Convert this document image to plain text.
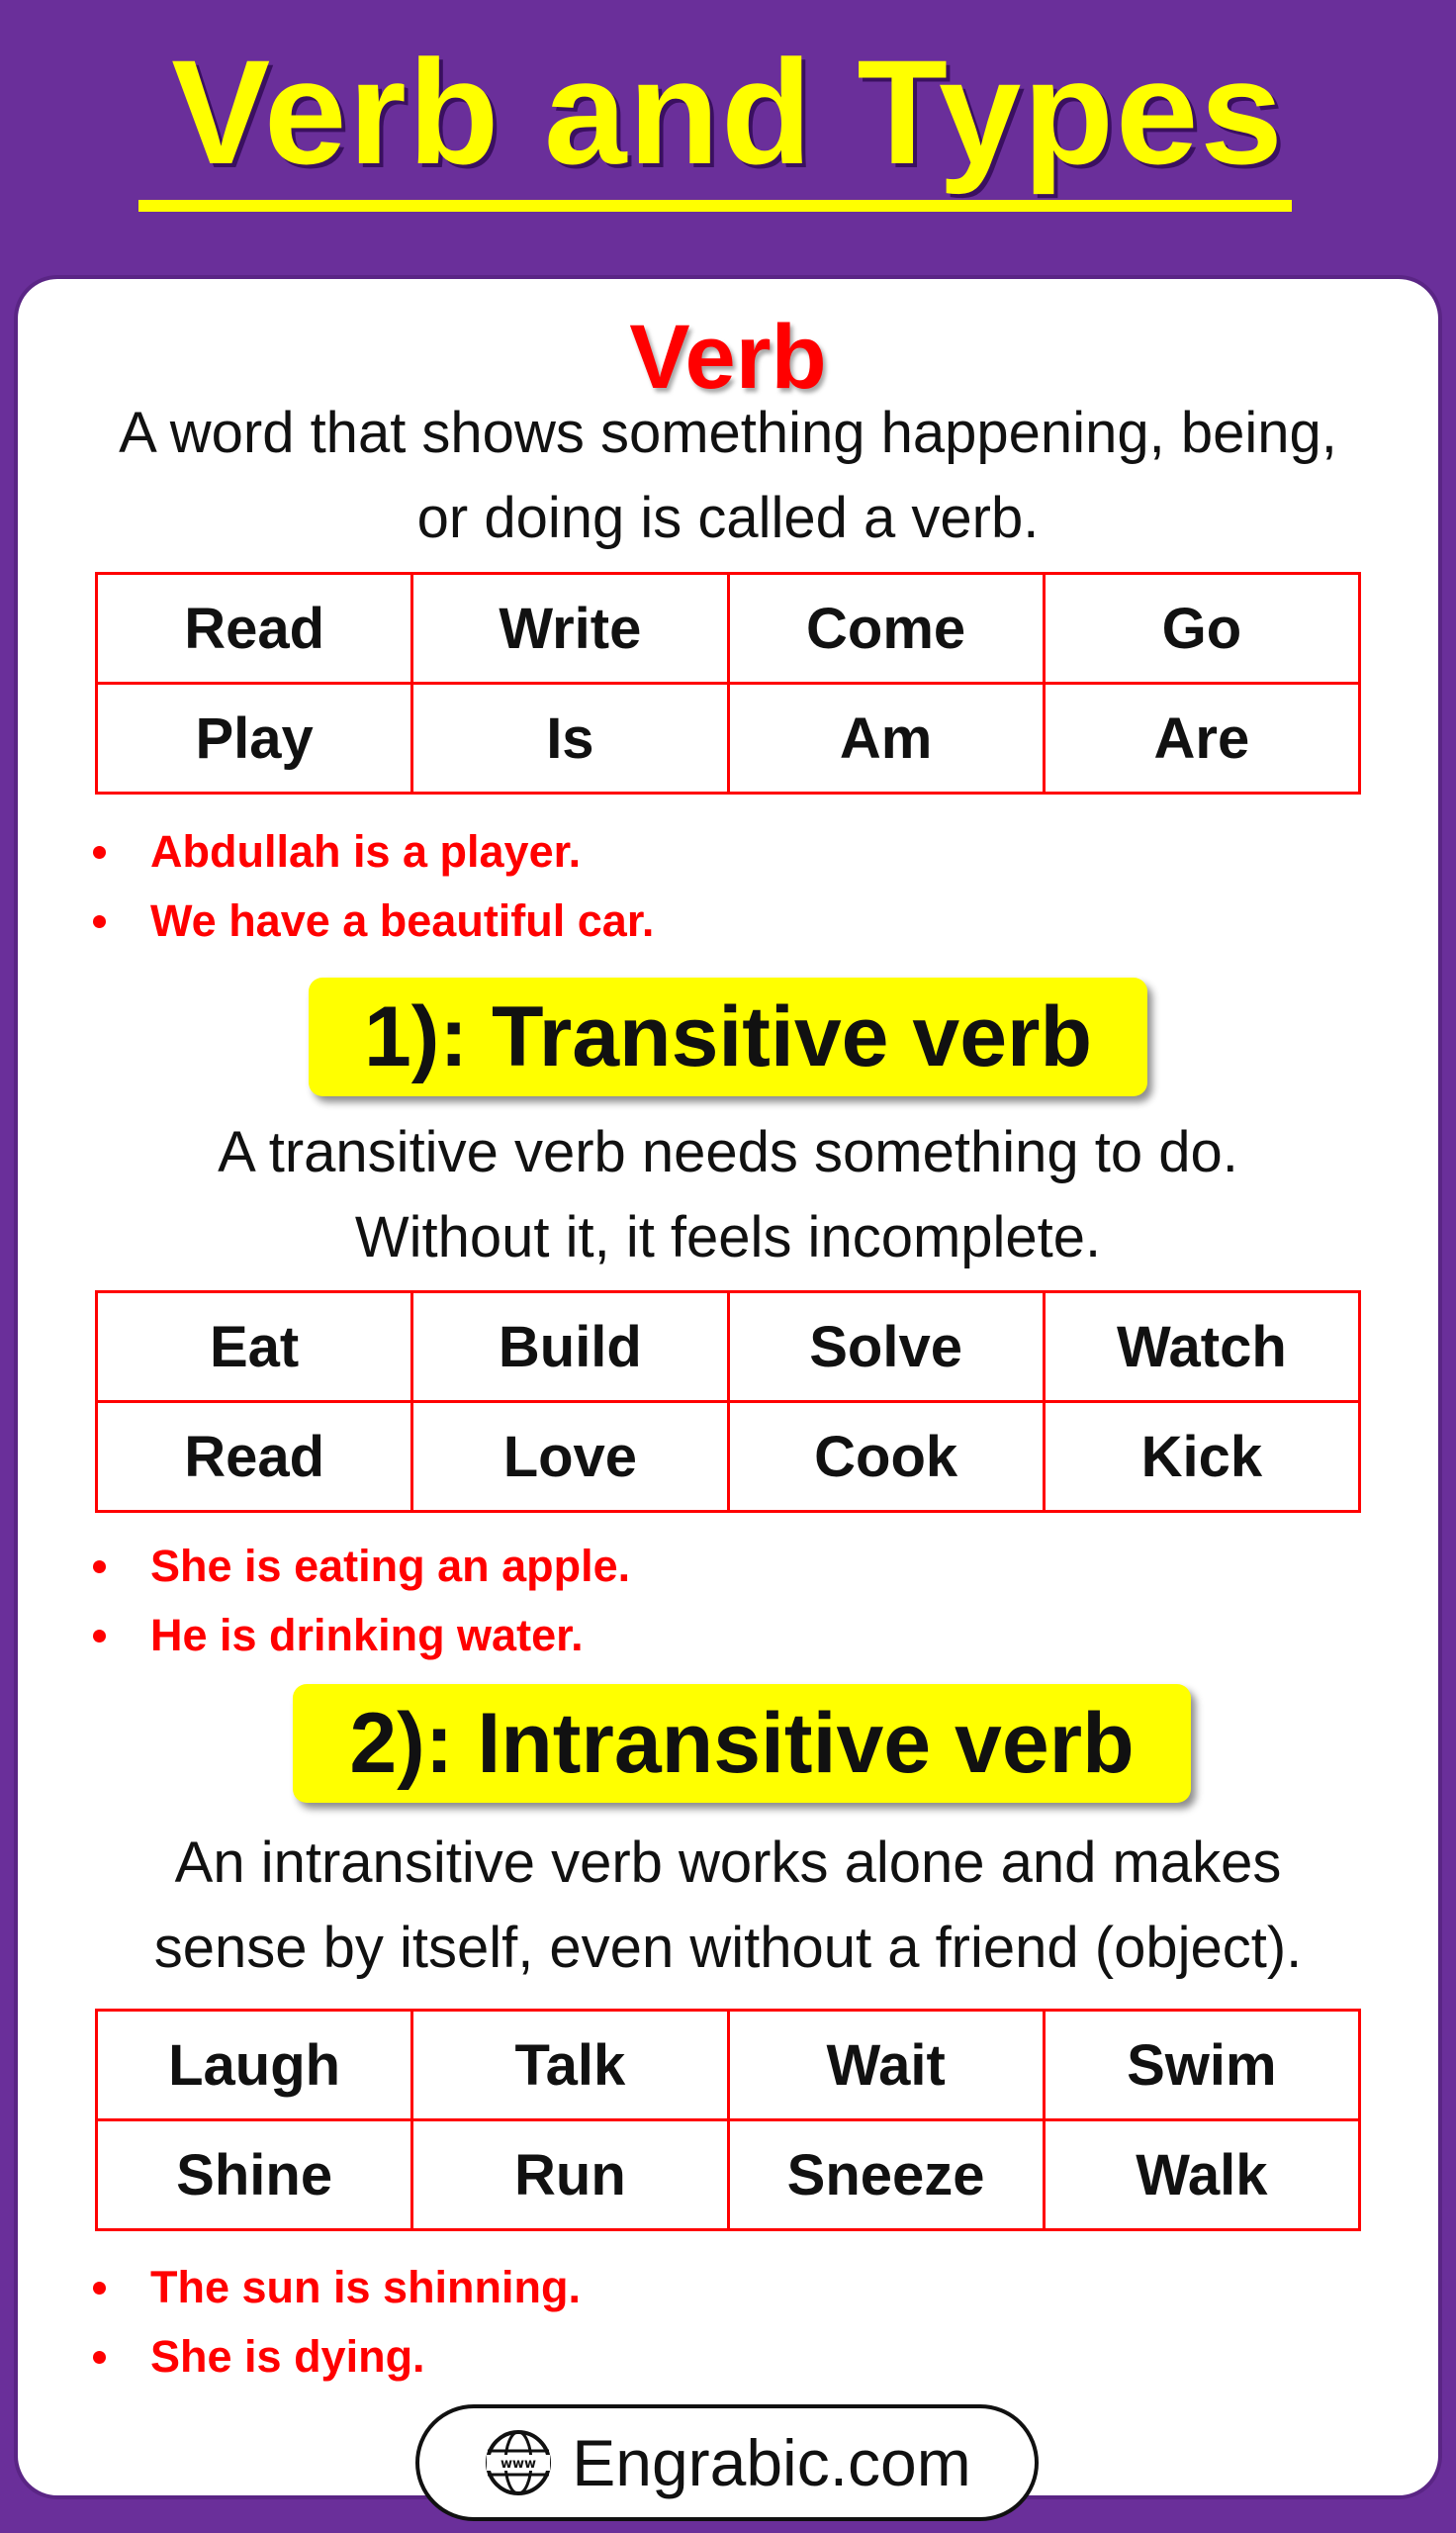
Verb and Types
Verb
A word that shows something happening, being,
or doing is called a verb.
Read	Write	Come	Go
Play	Is	Am	Are
Abdullah is a player.
We have a beautiful car.
1): Transitive verb
A transitive verb needs something to do.
Without it, it feels incomplete.
Eat	Build	Solve	Watch
Read	Love	Cook	Kick
She is eating an apple.
He is drinking water.
2): Intransitive verb
An intransitive verb works alone and makes
sense by itself, even without a friend (object).
Laugh	Talk	Wait	Swim
Shine	Run	Sneeze	Walk
The sun is shinning.
She is dying.
www Engrabic.com
